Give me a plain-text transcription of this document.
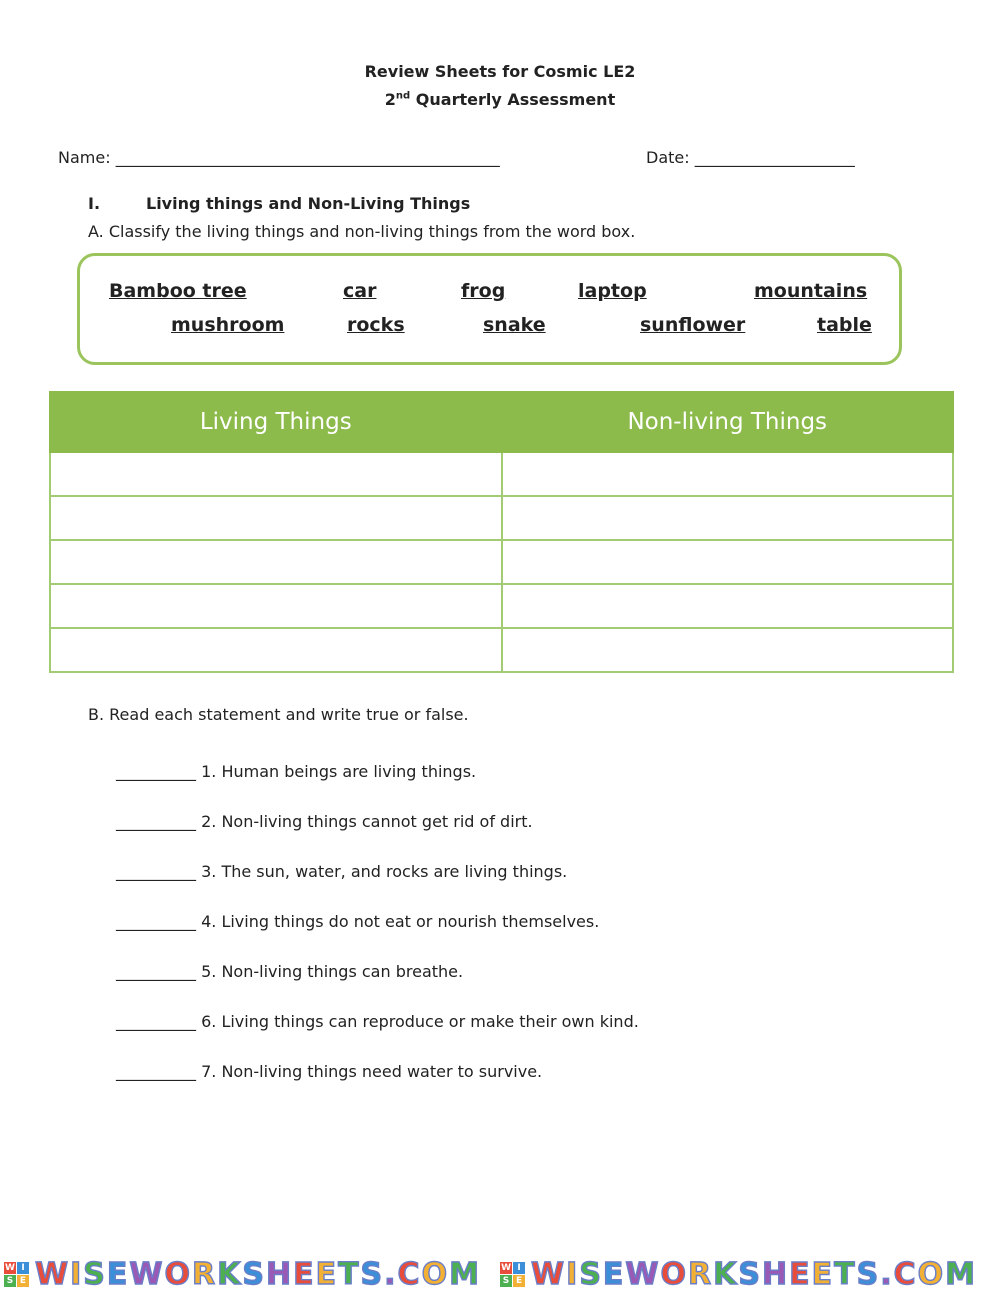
Review Sheets for Cosmic LE2
2nd Quarterly Assessment
Name: ________________________________________________	Date: ____________________
I.	Living things and Non-Living Things
A. Classify the living things and non-living things from the word box.
Bamboo tree	car	frog	laptop	mountains
mushroom	rocks	snake	sunflower	table
Living Things	Non-living Things

B. Read each statement and write true or false.
__________ 1. Human beings are living things.
__________ 2. Non-living things cannot get rid of dirt.
__________ 3. The sun, water, and rocks are living things.
__________ 4. Living things do not eat or nourish themselves.
__________ 5. Non-living things can breathe.
__________ 6. Living things can reproduce or make their own kind.
__________ 7. Non-living things need water to survive.
W I
S E W I S E W O R K S H E E T S . C O M
W I
S E W I S E W O R K S H E E T S . C O M
